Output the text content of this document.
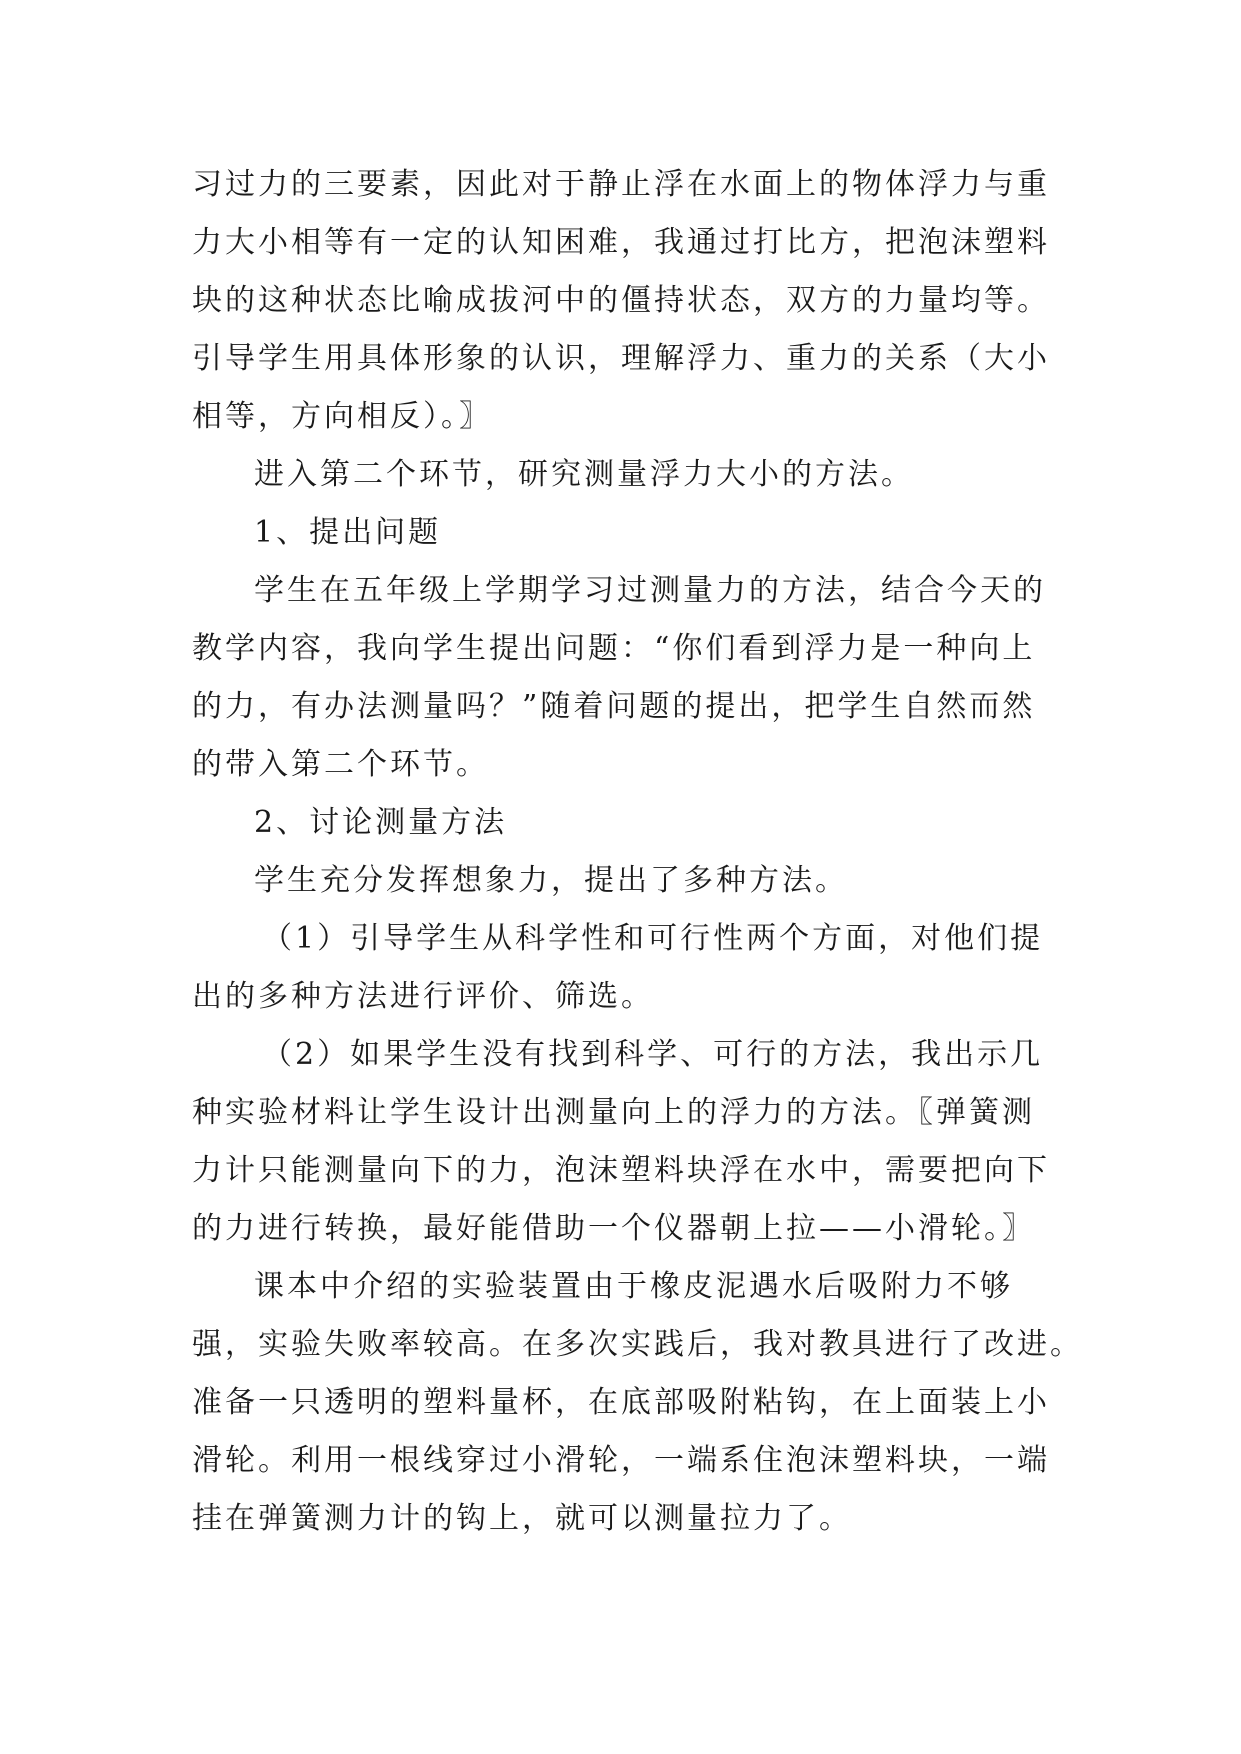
习过力的三要素，因此对于静止浮在水面上的物体浮力与重
力大小相等有一定的认知困难，我通过打比方，把泡沫塑料
块的这种状态比喻成拔河中的僵持状态，双方的力量均等。
引导学生用具体形象的认识，理解浮力、重力的关系（大小
相等，方向相反）。〗
进入第二个环节，研究测量浮力大小的方法。
1、提出问题
学生在五年级上学期学习过测量力的方法，结合今天的
教学内容，我向学生提出问题：“你们看到浮力是一种向上
的力，有办法测量吗？”随着问题的提出，把学生自然而然
的带入第二个环节。
2、讨论测量方法
学生充分发挥想象力，提出了多种方法。
（1）引导学生从科学性和可行性两个方面，对他们提
出的多种方法进行评价、筛选。
（2）如果学生没有找到科学、可行的方法，我出示几
种实验材料让学生设计出测量向上的浮力的方法。〖弹簧测
力计只能测量向下的力，泡沫塑料块浮在水中，需要把向下
的力进行转换，最好能借助一个仪器朝上拉——小滑轮。〗
课本中介绍的实验装置由于橡皮泥遇水后吸附力不够
强，实验失败率较高。在多次实践后，我对教具进行了改进。
准备一只透明的塑料量杯，在底部吸附粘钩，在上面装上小
滑轮。利用一根线穿过小滑轮，一端系住泡沫塑料块，一端
挂在弹簧测力计的钩上，就可以测量拉力了。
